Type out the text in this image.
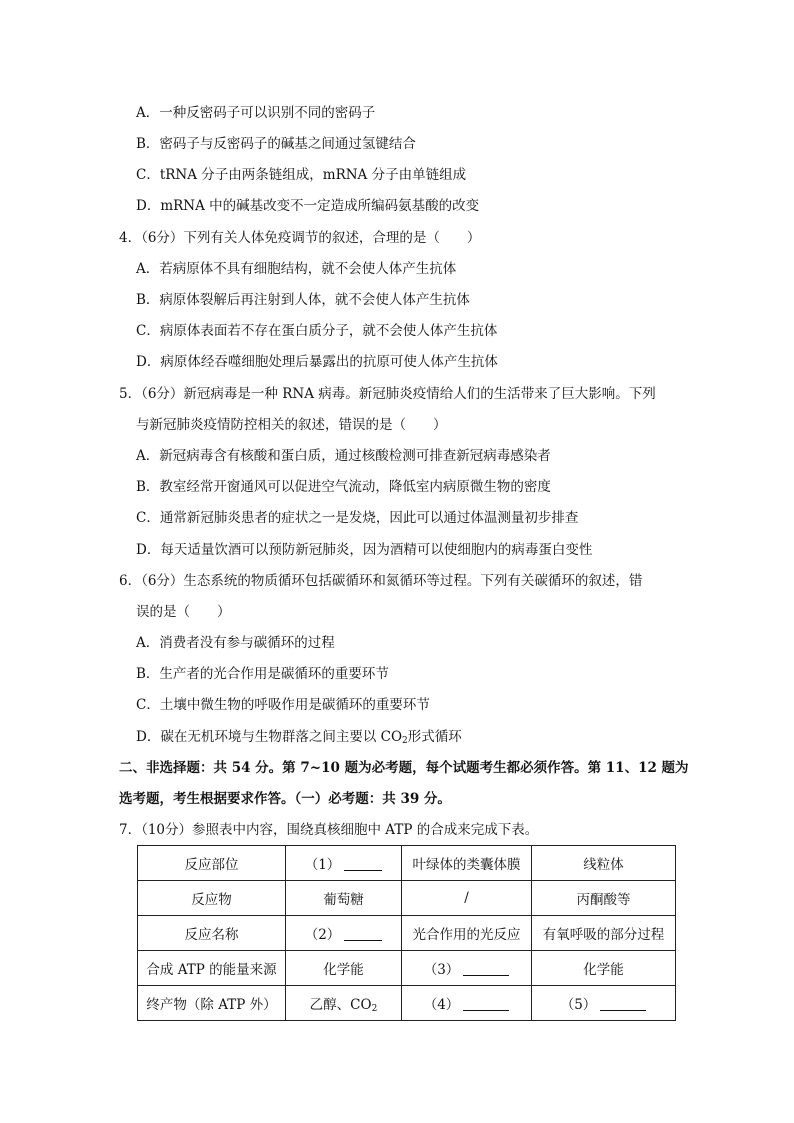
A．一种反密码子可以识别不同的密码子
B．密码子与反密码子的碱基之间通过氢键结合
C．tRNA 分子由两条链组成，mRNA 分子由单链组成
D．mRNA 中的碱基改变不一定造成所编码氨基酸的改变
4．（6分）下列有关人体免疫调节的叙述，合理的是（　　）
A．若病原体不具有细胞结构，就不会使人体产生抗体
B．病原体裂解后再注射到人体，就不会使人体产生抗体
C．病原体表面若不存在蛋白质分子，就不会使人体产生抗体
D．病原体经吞噬细胞处理后暴露出的抗原可使人体产生抗体
5．（6分）新冠病毒是一种 RNA 病毒。新冠肺炎疫情给人们的生活带来了巨大影响。下列
与新冠肺炎疫情防控相关的叙述，错误的是（　　）
A．新冠病毒含有核酸和蛋白质，通过核酸检测可排查新冠病毒感染者
B．教室经常开窗通风可以促进空气流动，降低室内病原微生物的密度
C．通常新冠肺炎患者的症状之一是发烧，因此可以通过体温测量初步排查
D．每天适量饮酒可以预防新冠肺炎，因为酒精可以使细胞内的病毒蛋白变性
6．（6分）生态系统的物质循环包括碳循环和氮循环等过程。下列有关碳循环的叙述，错
误的是（　　）
A．消费者没有参与碳循环的过程
B．生产者的光合作用是碳循环的重要环节
C．土壤中微生物的呼吸作用是碳循环的重要环节
D．碳在无机环境与生物群落之间主要以 $CO_2$形式循环
二、非选择题：共 54 分。第 7~10 题为必考题，每个试题考生都必须作答。第 11、12 题为
选考题，考生根据要求作答。（一）必考题：共 39 分。
7．（10分）参照表中内容，围绕真核细胞中 ATP 的合成来完成下表。
反应部位	（1）	叶绿体的类囊体膜	线粒体
反应物	葡萄糖	/	丙酮酸等
反应名称	（2）	光合作用的光反应	有氧呼吸的部分过程
合成 ATP 的能量来源	化学能	（3）	化学能
终产物（除 ATP 外）	乙醇、$CO_2$	（4）	（5）
